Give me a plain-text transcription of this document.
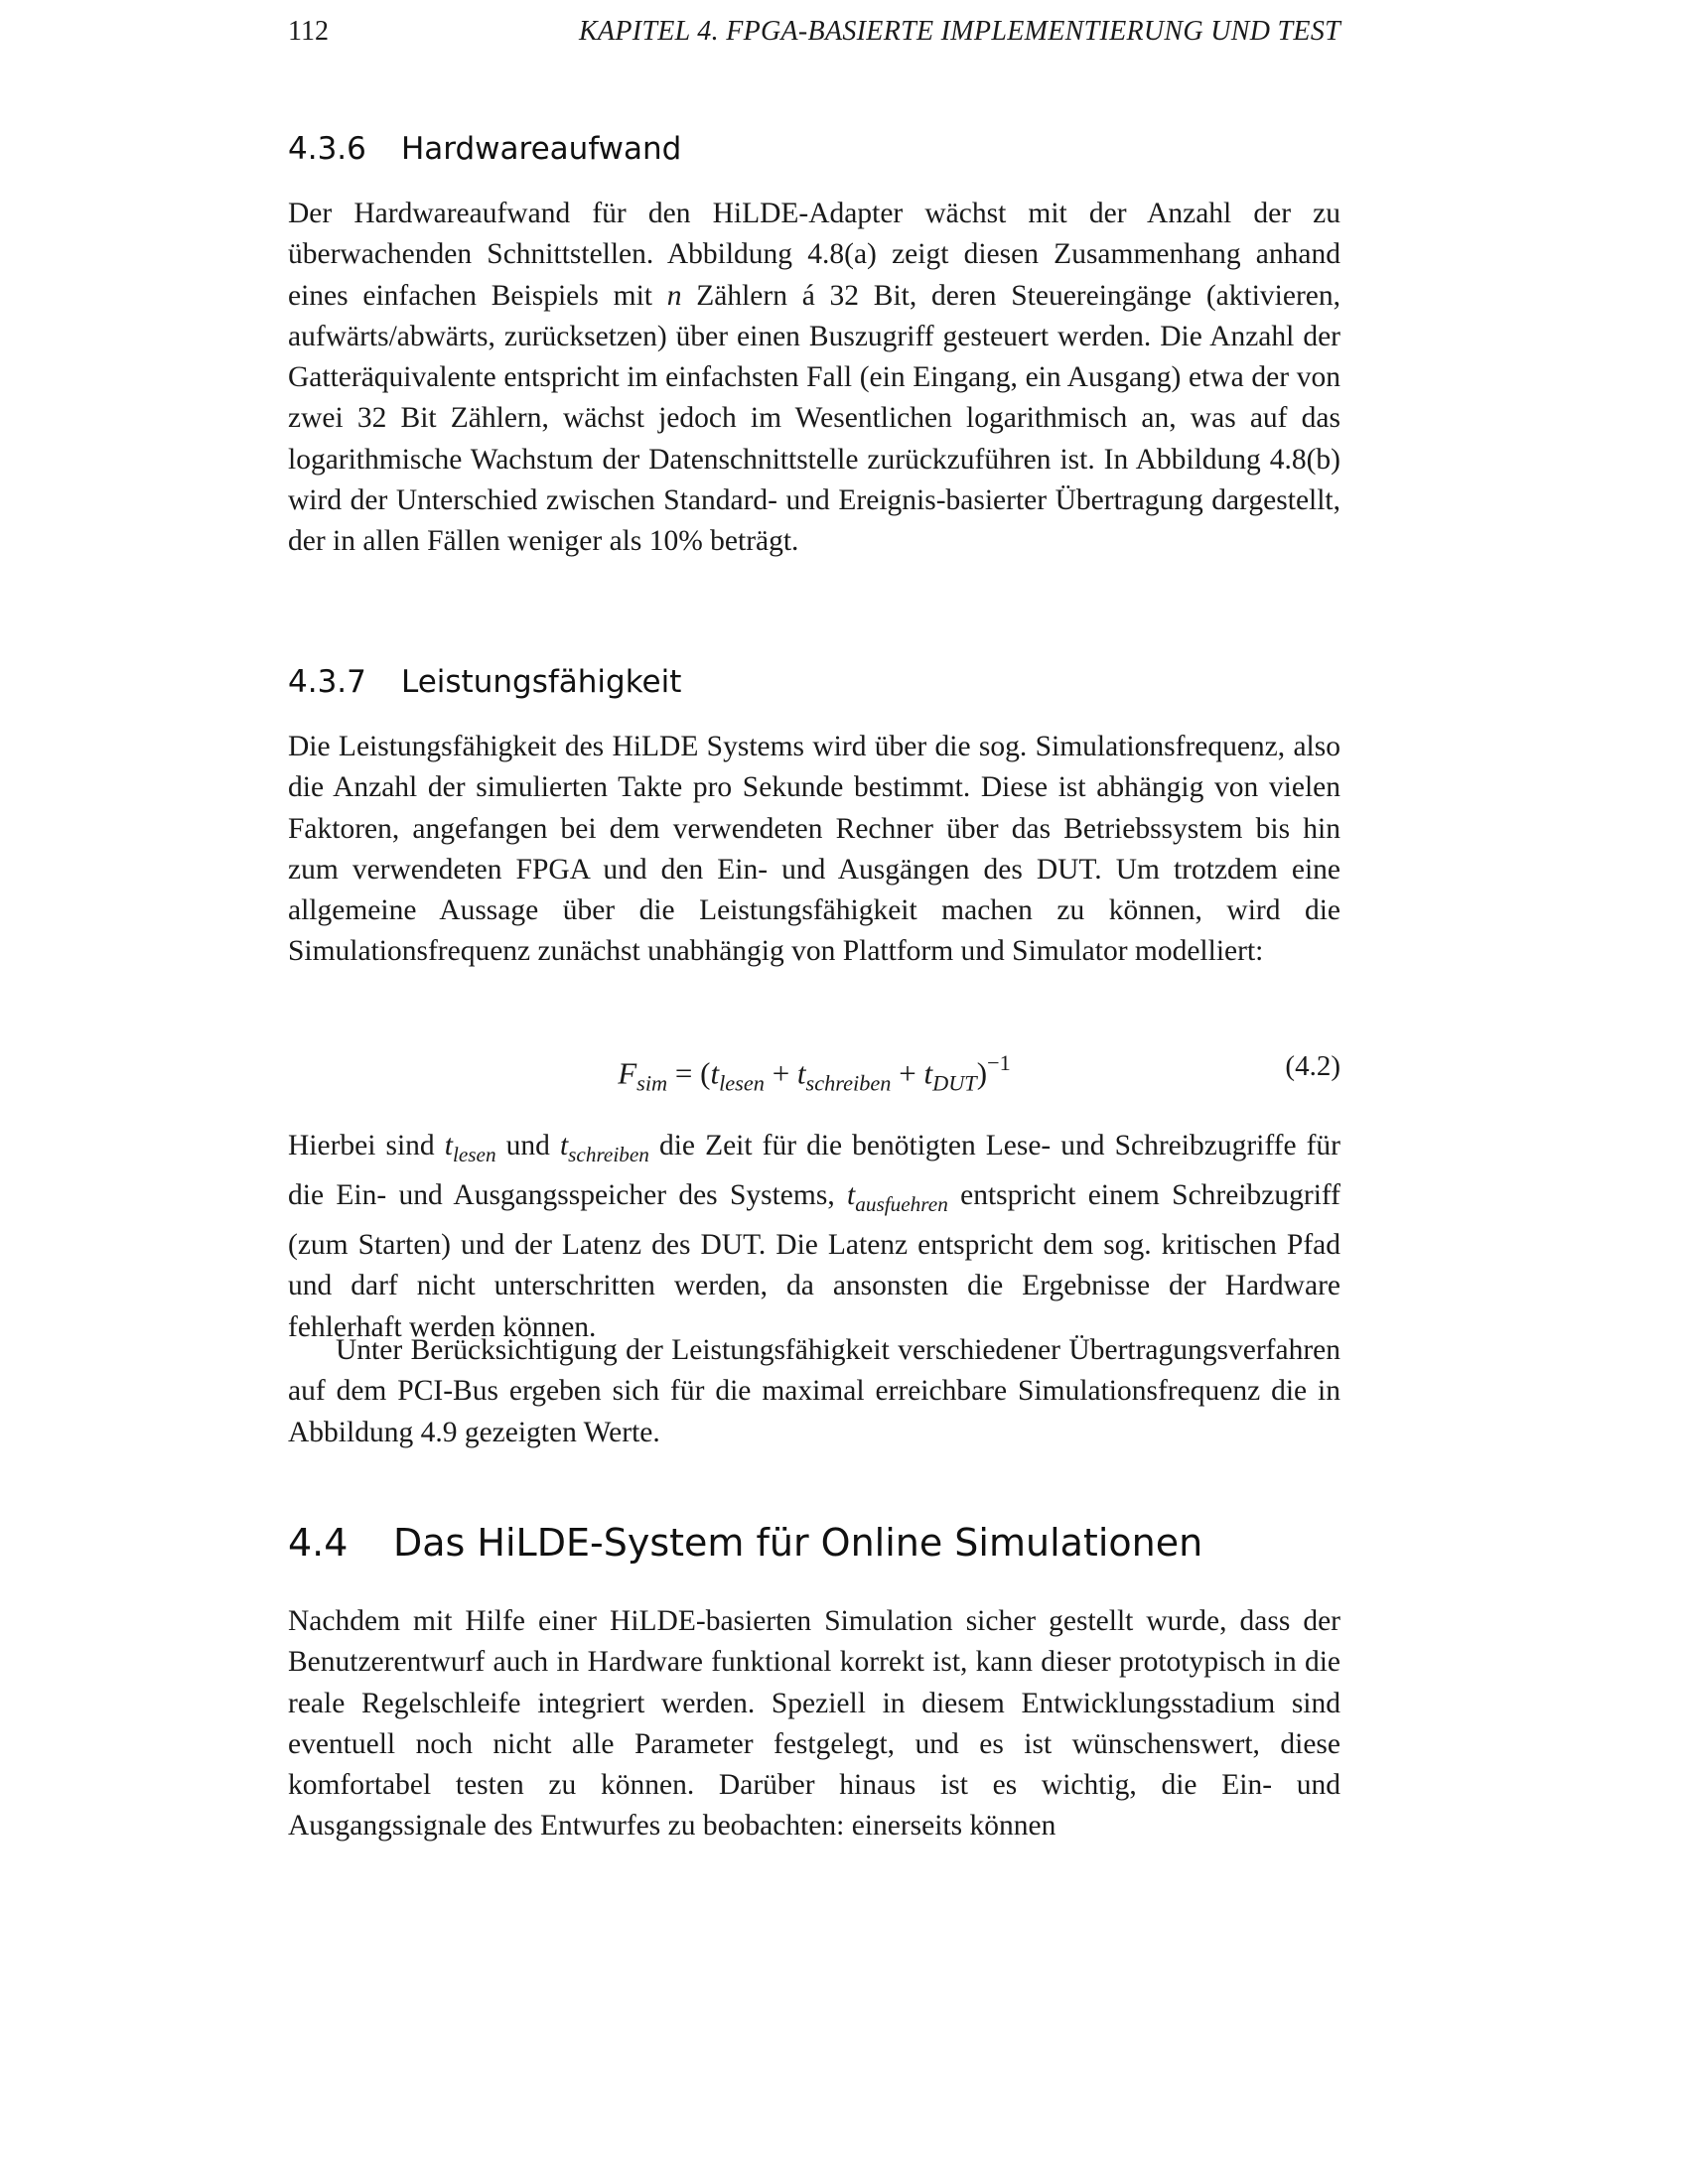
112	KAPITEL 4. FPGA-BASIERTE IMPLEMENTIERUNG UND TEST
4.3.6 Hardwareaufwand

Der Hardwareaufwand für den HiLDE-Adapter wächst mit der Anzahl der zu überwachenden Schnittstellen. Abbildung 4.8(a) zeigt diesen Zusammenhang anhand eines einfachen Beispiels mit n Zählern á 32 Bit, deren Steuereingänge (aktivieren, aufwärts/abwärts, zurücksetzen) über einen Buszugriff gesteuert werden. Die Anzahl der Gatteräquivalente entspricht im einfachsten Fall (ein Eingang, ein Ausgang) etwa der von zwei 32 Bit Zählern, wächst jedoch im Wesentlichen logarithmisch an, was auf das logarithmische Wachstum der Datenschnittstelle zurückzuführen ist. In Abbildung 4.8(b) wird der Unterschied zwischen Standard- und Ereignis-basierter Übertragung dargestellt, der in allen Fällen weniger als 10% beträgt.

4.3.7 Leistungsfähigkeit

Die Leistungsfähigkeit des HiLDE Systems wird über die sog. Simulationsfrequenz, also die Anzahl der simulierten Takte pro Sekunde bestimmt. Diese ist abhängig von vielen Faktoren, angefangen bei dem verwendeten Rechner über das Betriebssystem bis hin zum verwendeten FPGA und den Ein- und Ausgängen des DUT. Um trotzdem eine allgemeine Aussage über die Leistungsfähigkeit machen zu können, wird die Simulationsfrequenz zunächst unabhängig von Plattform und Simulator modelliert:

$F_{sim} = (t_{lesen} + t_{schreiben} + t_{DUT})^{-1}$	(4.2)

Hierbei sind $t_{lesen}$ und $t_{schreiben}$ die Zeit für die benötigten Lese- und Schreibzugriffe für die Ein- und Ausgangsspeicher des Systems, $t_{ausfuehren}$ entspricht einem Schreibzugriff (zum Starten) und der Latenz des DUT. Die Latenz entspricht dem sog. kritischen Pfad und darf nicht unterschritten werden, da ansonsten die Ergebnisse der Hardware fehlerhaft werden können.

Unter Berücksichtigung der Leistungsfähigkeit verschiedener Übertragungsverfahren auf dem PCI-Bus ergeben sich für die maximal erreichbare Simulationsfrequenz die in Abbildung 4.9 gezeigten Werte.

4.4 Das HiLDE-System für Online Simulationen

Nachdem mit Hilfe einer HiLDE-basierten Simulation sicher gestellt wurde, dass der Benutzerentwurf auch in Hardware funktional korrekt ist, kann dieser prototypisch in die reale Regelschleife integriert werden. Speziell in diesem Entwicklungsstadium sind eventuell noch nicht alle Parameter festgelegt, und es ist wünschenswert, diese komfortabel testen zu können. Darüber hinaus ist es wichtig, die Ein- und Ausgangssignale des Entwurfes zu beobachten: einerseits können
